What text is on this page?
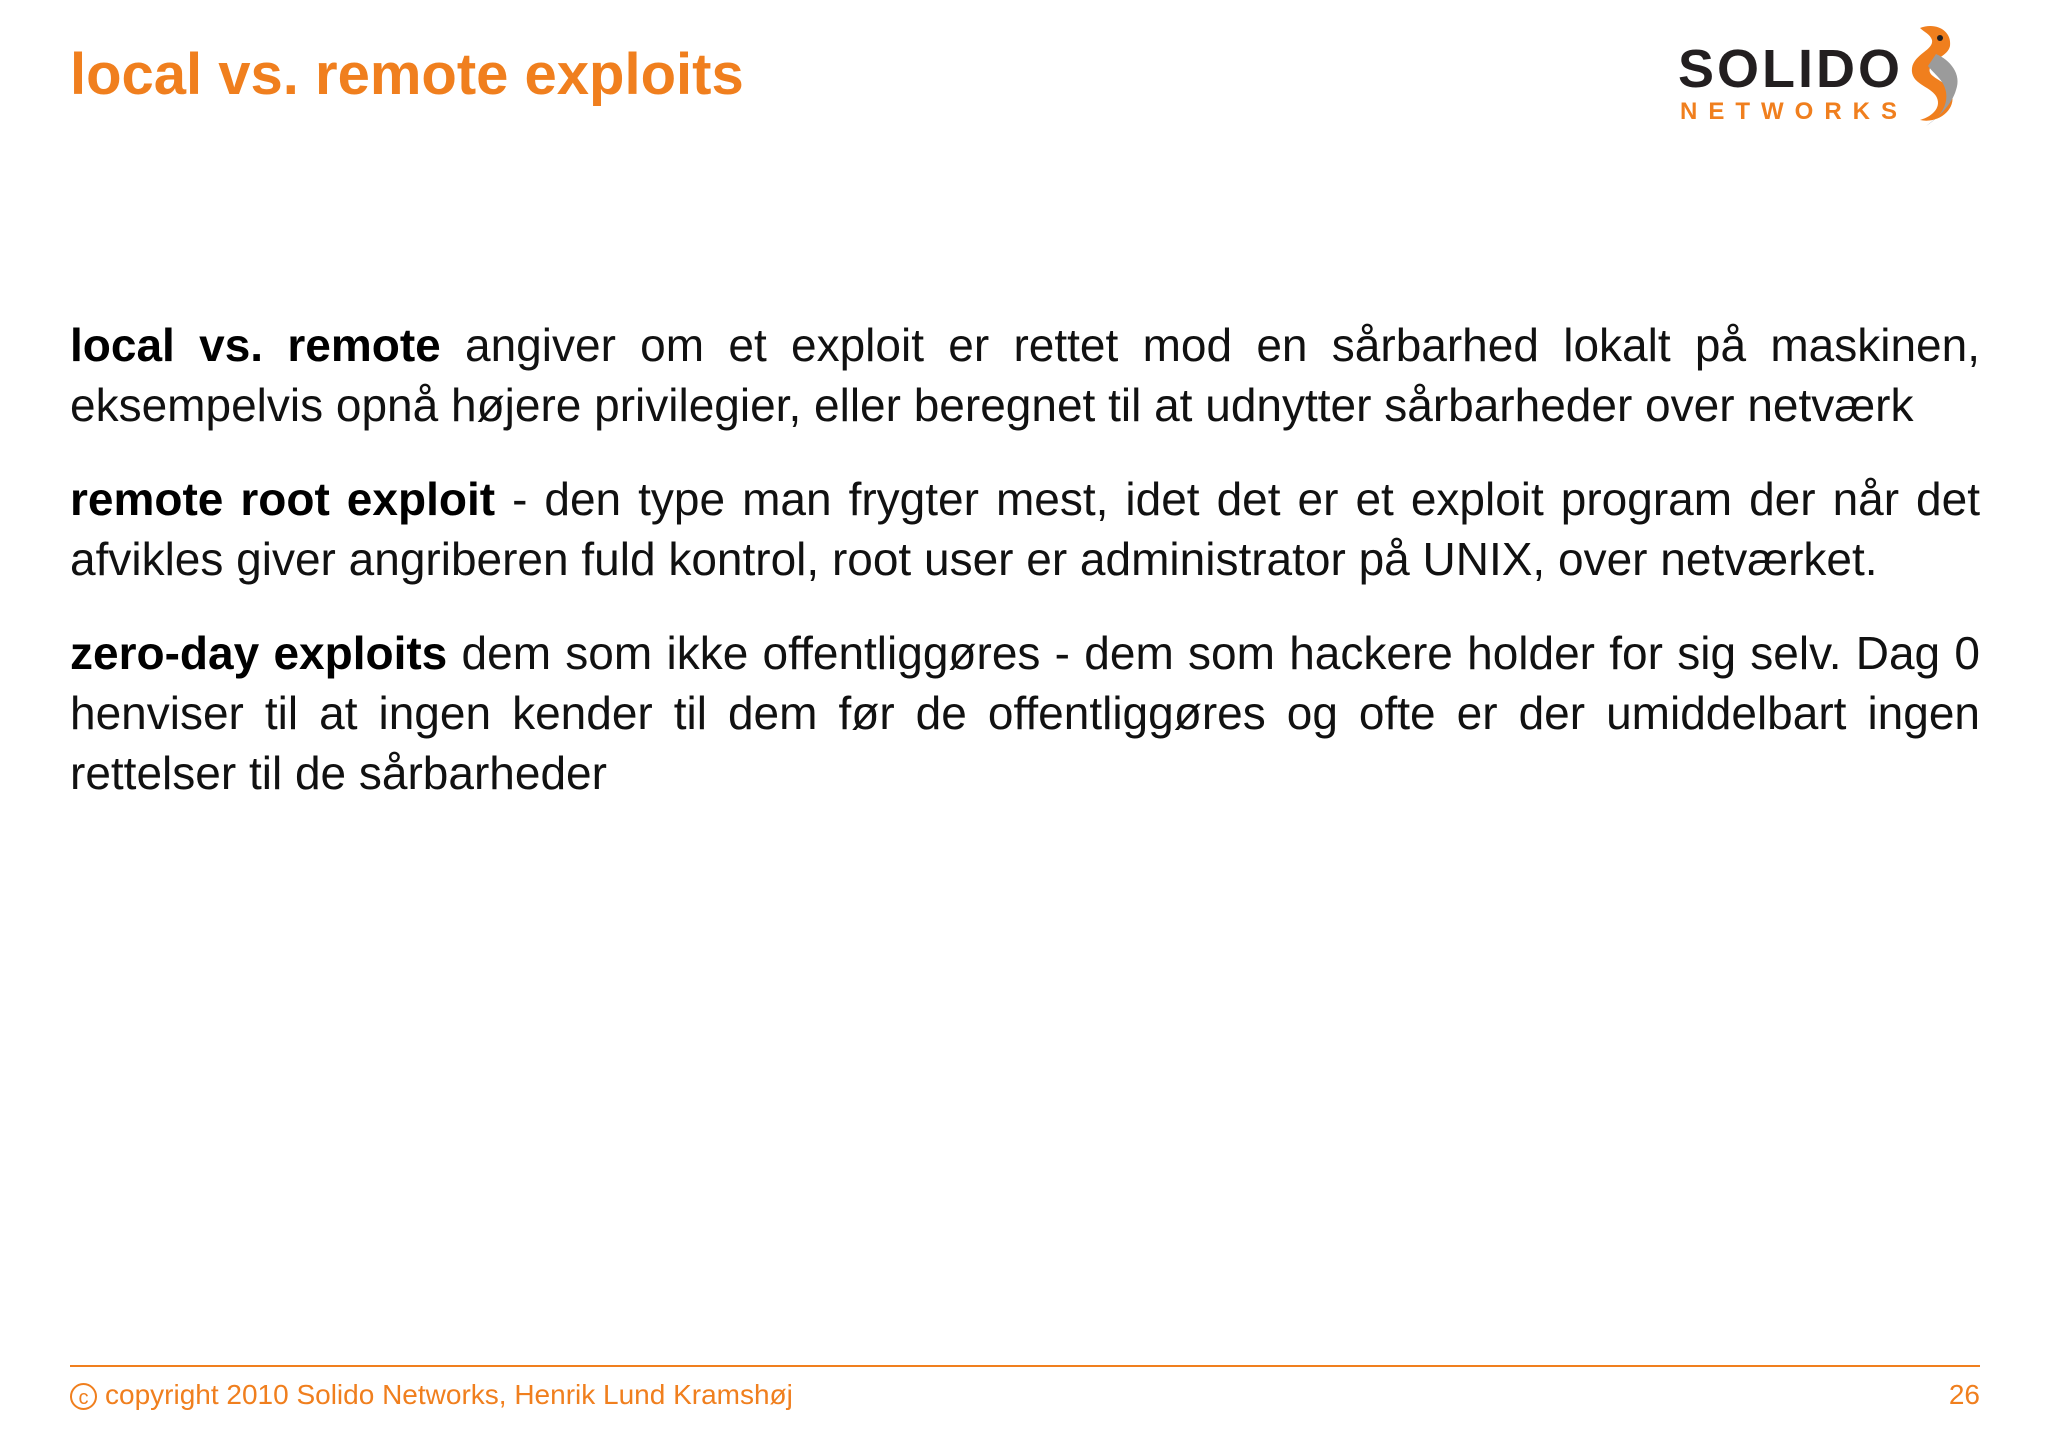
local vs. remote exploits	SOLIDO
NETWORKS

local vs. remote angiver om et exploit er rettet mod en sårbarhed lokalt på maskinen, eksempelvis opnå højere privilegier, eller beregnet til at udnytter sårbarheder over netværk

remote root exploit - den type man frygter mest, idet det er et exploit program der når det afvikles giver angriberen fuld kontrol, root user er administrator på UNIX, over netværket.

zero-day exploits dem som ikke offentliggøres - dem som hackere holder for sig selv. Dag 0 henviser til at ingen kender til dem før de offentliggøres og ofte er der umiddelbart ingen rettelser til de sårbarheder

c copyright 2010 Solido Networks, Henrik Lund Kramshøj	26
